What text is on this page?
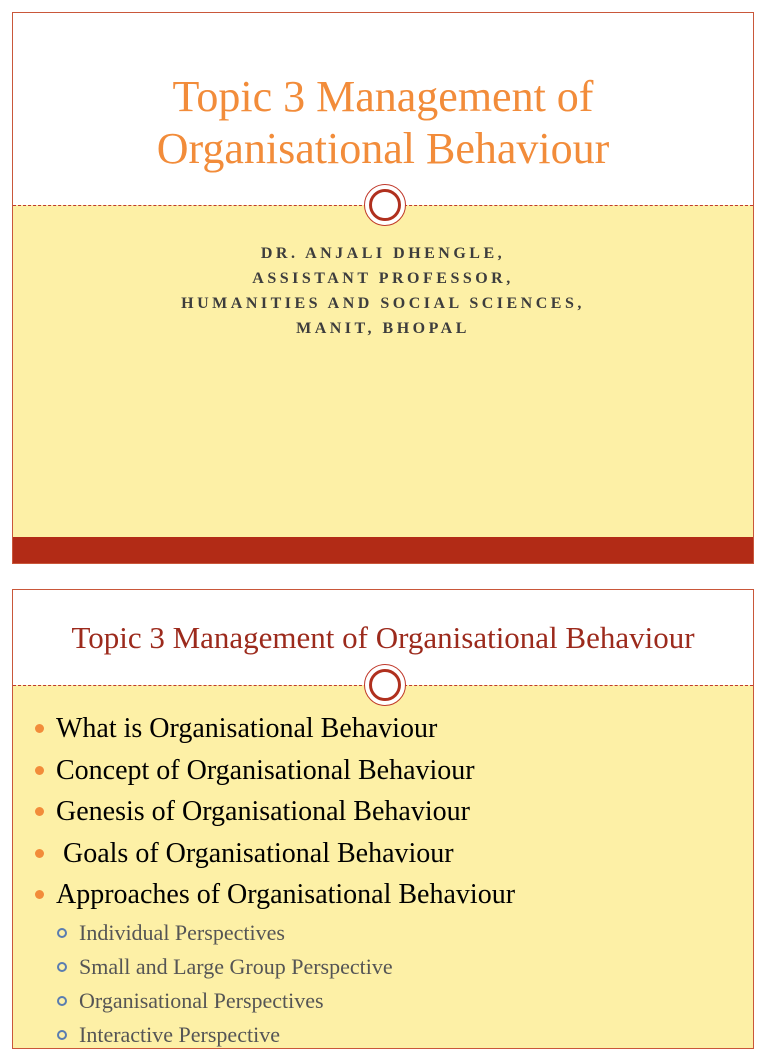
Topic 3 Management of
Organisational Behaviour
DR. ANJALI DHENGLE,
ASSISTANT PROFESSOR,
HUMANITIES AND SOCIAL SCIENCES,
MANIT, BHOPAL
Topic 3 Management of Organisational Behaviour
What is Organisational Behaviour
Concept of Organisational Behaviour
Genesis of Organisational Behaviour
Goals of Organisational Behaviour
Approaches of Organisational Behaviour
Individual Perspectives
Small and Large Group Perspective
Organisational Perspectives
Interactive Perspective
